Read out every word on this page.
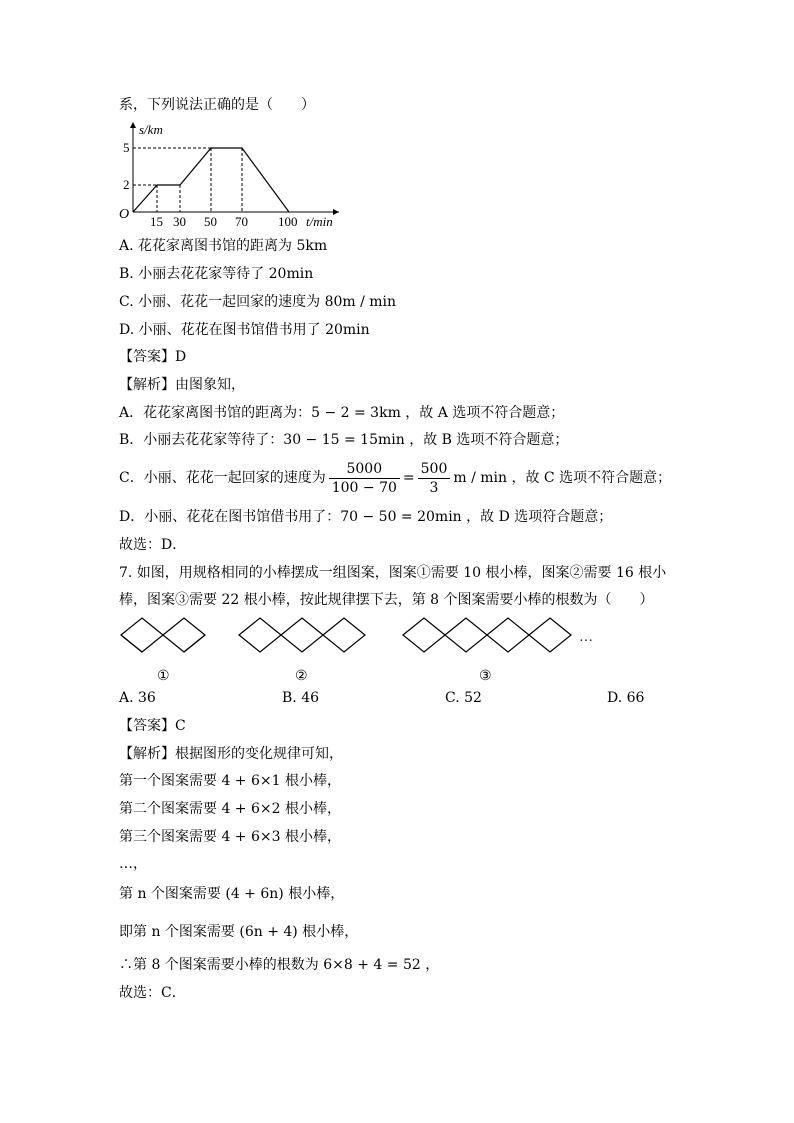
系，下列说法正确的是（　　）
s/km
5
2
O 15 30 50 70 100 t/min
A. 花花家离图书馆的距离为 5km
B. 小丽去花花家等待了 20min
C. 小丽、花花一起回家的速度为 80m / min
D. 小丽、花花在图书馆借书用了 20min
【答案】D
【解析】由图象知，
A．花花家离图书馆的距离为：5 − 2 = 3km ，故 A 选项不符合题意；
B．小丽去花花家等待了：30 − 15 = 15min ，故 B 选项不符合题意；
C．小丽、花花一起回家的速度为 $\frac{5000}{100 - 70} = \frac{500}{3}$ m / min ，故 C 选项不符合题意；
D．小丽、花花在图书馆借书用了：70 − 50 = 20min ，故 D 选项符合题意；
故选：D．
7. 如图，用规格相同的小棒摆成一组图案，图案①需要 10 根小棒，图案②需要 16 根小
棒，图案③需要 22 根小棒，按此规律摆下去，第 8 个图案需要小棒的根数为（　　）
…
①	②	③
A. 36	B. 46	C. 52	D. 66
【答案】C
【解析】根据图形的变化规律可知，
第一个图案需要 4 + 6×1 根小棒，
第二个图案需要 4 + 6×2 根小棒，
第三个图案需要 4 + 6×3 根小棒，
…，
第 n 个图案需要 (4 + 6n) 根小棒，
即第 n 个图案需要 (6n + 4) 根小棒，
∴第 8 个图案需要小棒的根数为 6×8 + 4 = 52 ，
故选：C．
